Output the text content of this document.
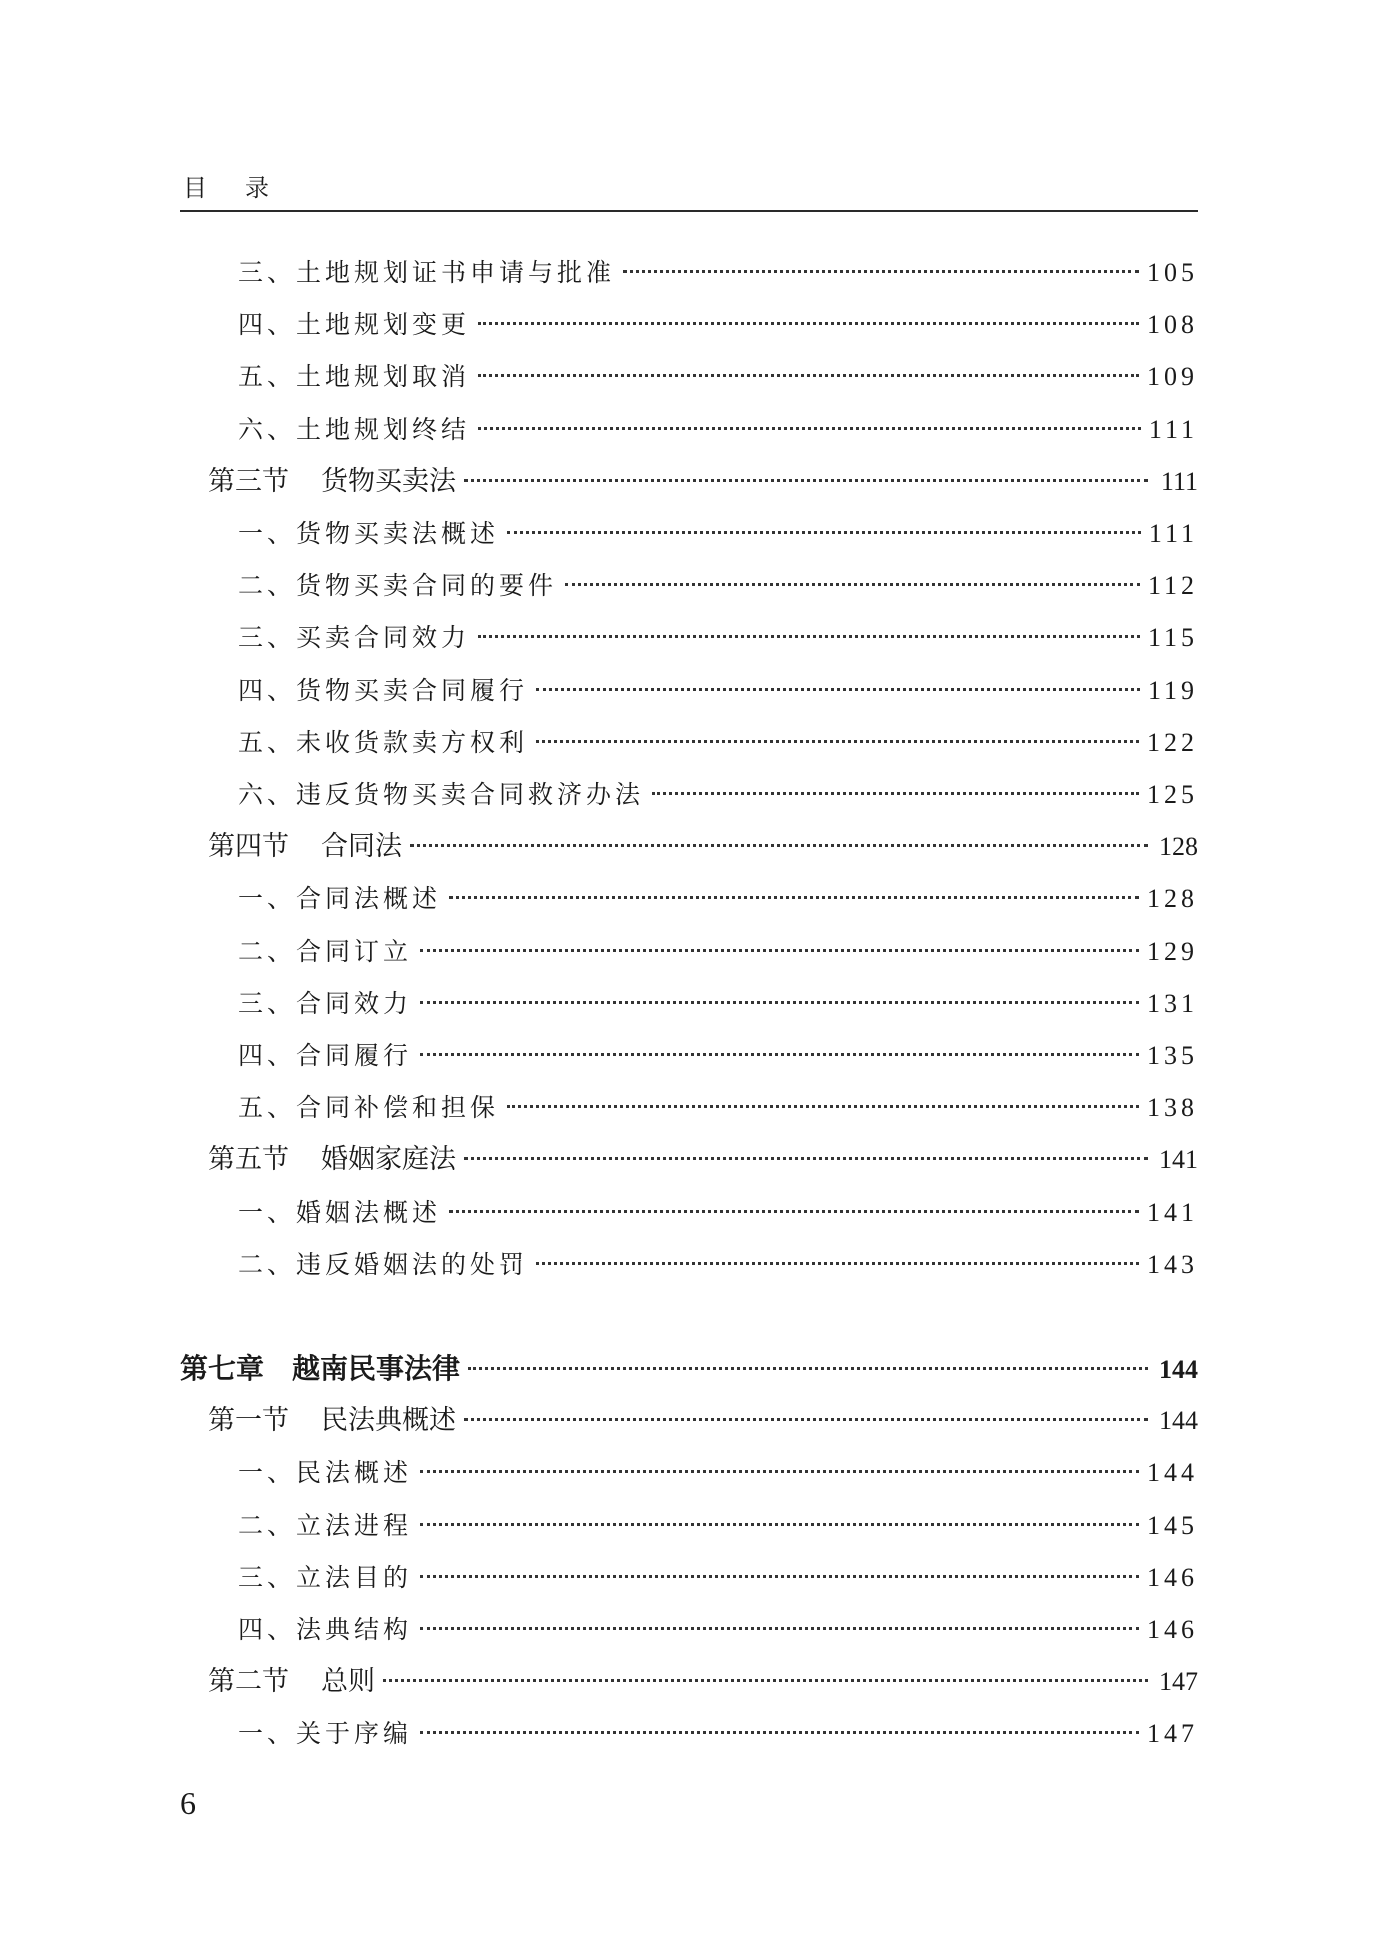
目录
三、土地规划证书申请与批准	105
四、土地规划变更	108
五、土地规划取消	109
六、土地规划终结	111
第三节 货物买卖法	111
一、货物买卖法概述	111
二、货物买卖合同的要件	112
三、买卖合同效力	115
四、货物买卖合同履行	119
五、未收货款卖方权利	122
六、违反货物买卖合同救济办法	125
第四节 合同法	128
一、合同法概述	128
二、合同订立	129
三、合同效力	131
四、合同履行	135
五、合同补偿和担保	138
第五节 婚姻家庭法	141
一、婚姻法概述	141
二、违反婚姻法的处罚	143
第七章 越南民事法律	144
第一节 民法典概述	144
一、民法概述	144
二、立法进程	145
三、立法目的	146
四、法典结构	146
第二节 总则	147
一、关于序编	147
6
